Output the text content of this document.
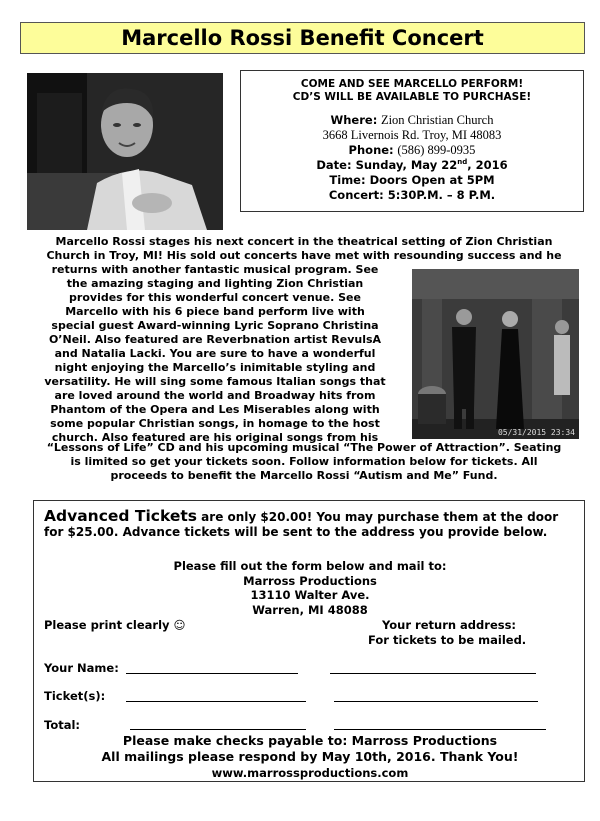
Marcello Rossi Benefit Concert
COME AND SEE MARCELLO PERFORM!
CD’S WILL BE AVAILABLE TO PURCHASE!
Where: Zion Christian Church
3668 Livernois Rd. Troy, MI 48083
Phone: (586) 899-0935
Date: Sunday, May 22nd, 2016
Time: Doors Open at 5PM
Concert: 5:30P.M. – 8 P.M.
Marcello Rossi stages his next concert in the theatrical setting of Zion Christian
Church in Troy, MI! His sold out concerts have met with resounding success and he
returns with another fantastic musical program. See
the amazing staging and lighting Zion Christian
provides for this wonderful concert venue. See
Marcello with his 6 piece band perform live with
special guest Award-winning Lyric Soprano Christina
O’Neil. Also featured are Reverbnation artist RevulsA
and Natalia Lacki. You are sure to have a wonderful
night enjoying the Marcello’s inimitable styling and
versatility. He will sing some famous Italian songs that
are loved around the world and Broadway hits from
Phantom of the Opera and Les Miserables along with
some popular Christian songs, in homage to the host
church. Also featured are his original songs from his
“Lessons of Life” CD and his upcoming musical “The Power of Attraction”. Seating
is limited so get your tickets soon. Follow information below for tickets. All
proceeds to benefit the Marcello Rossi “Autism and Me” Fund.
05/31/2015 23:34
Advanced Tickets are only $20.00! You may purchase them at the door for $25.00. Advance tickets will be sent to the address you provide below.
Please fill out the form below and mail to:
Marross Productions
13110 Walter Ave.
Warren, MI 48088
Please print clearly ☺	Your return address:
For tickets to be mailed.
Your Name:
Ticket(s):
Total:
Please make checks payable to: Marross Productions
All mailings please respond by May 10th, 2016. Thank You!
www.marrossproductions.com
